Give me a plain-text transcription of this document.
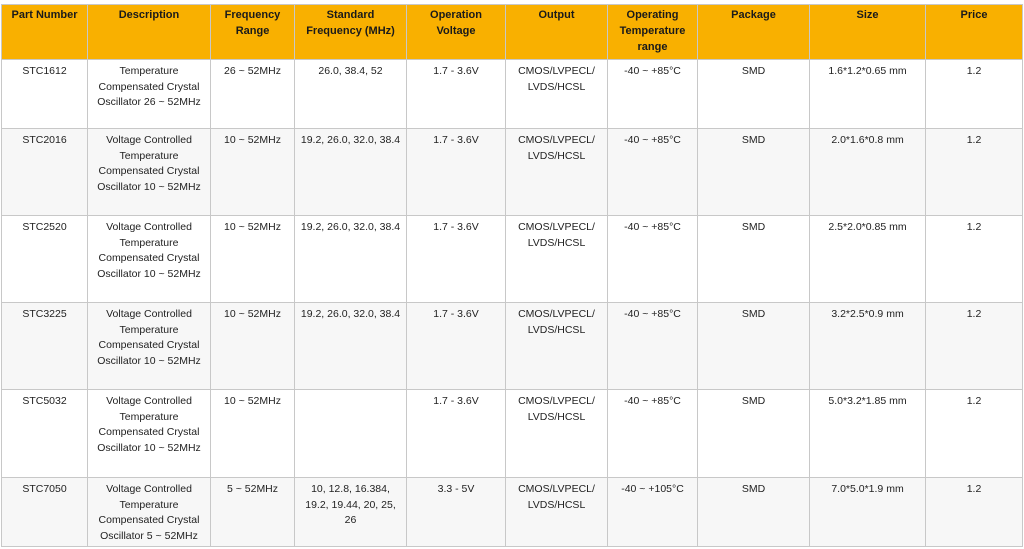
Part Number	Description	Frequency Range	Standard Frequency (MHz)	Operation Voltage	Output	Operating Temperature range	Package	Size	Price
STC1612	Temperature Compensated Crystal Oscillator 26 ~ 52MHz	26 ~ 52MHz	26.0, 38.4, 52	1.7 - 3.6V	CMOS/LVPECL/ LVDS/HCSL	-40 ~ +85°C	SMD	1.6*1.2*0.65 mm	1.2
STC2016	Voltage Controlled Temperature Compensated Crystal Oscillator 10 ~ 52MHz	10 ~ 52MHz	19.2, 26.0, 32.0, 38.4	1.7 - 3.6V	CMOS/LVPECL/ LVDS/HCSL	-40 ~ +85°C	SMD	2.0*1.6*0.8 mm	1.2
STC2520	Voltage Controlled Temperature Compensated Crystal Oscillator 10 ~ 52MHz	10 ~ 52MHz	19.2, 26.0, 32.0, 38.4	1.7 - 3.6V	CMOS/LVPECL/ LVDS/HCSL	-40 ~ +85°C	SMD	2.5*2.0*0.85 mm	1.2
STC3225	Voltage Controlled Temperature Compensated Crystal Oscillator 10 ~ 52MHz	10 ~ 52MHz	19.2, 26.0, 32.0, 38.4	1.7 - 3.6V	CMOS/LVPECL/ LVDS/HCSL	-40 ~ +85°C	SMD	3.2*2.5*0.9 mm	1.2
STC5032	Voltage Controlled Temperature Compensated Crystal Oscillator 10 ~ 52MHz	10 ~ 52MHz		1.7 - 3.6V	CMOS/LVPECL/ LVDS/HCSL	-40 ~ +85°C	SMD	5.0*3.2*1.85 mm	1.2
STC7050	Voltage Controlled Temperature Compensated Crystal Oscillator 5 ~ 52MHz	5 ~ 52MHz	10, 12.8, 16.384, 19.2, 19.44, 20, 25, 26	3.3 - 5V	CMOS/LVPECL/ LVDS/HCSL	-40 ~ +105°C	SMD	7.0*5.0*1.9 mm	1.2
